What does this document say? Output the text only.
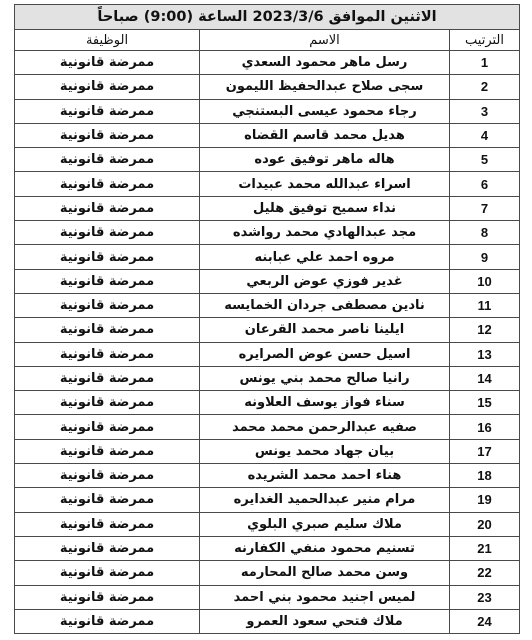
الاثنين الموافق 2023/3/6 الساعة (9:00) صباحاً		
الترتيب	الاسم	الوظيفة
1	رسل ماهر محمود السعدي	ممرضة قانونية
2	سجى صلاح عبدالحفيظ الليمون	ممرضة قانونية
3	رجاء محمود عيسى البستنجي	ممرضة قانونية
4	هديل محمد قاسم القضاه	ممرضة قانونية
5	هاله ماهر توفيق عوده	ممرضة قانونية
6	اسراء عبدالله محمد عبيدات	ممرضة قانونية
7	نداء سميح توفيق هليل	ممرضة قانونية
8	مجد عبدالهادي محمد رواشده	ممرضة قانونية
9	مروه احمد علي عبابنه	ممرضة قانونية
10	غدير فوزي عوض الربعي	ممرضة قانونية
11	نادين مصطفى جردان الخمايسه	ممرضة قانونية
12	ايلينا ناصر محمد القرعان	ممرضة قانونية
13	اسيل حسن عوض الصرايره	ممرضة قانونية
14	رانيا صالح محمد بني يونس	ممرضة قانونية
15	سناء فواز يوسف العلاونه	ممرضة قانونية
16	صفيه عبدالرحمن محمد محمد	ممرضة قانونية
17	بيان جهاد محمد يونس	ممرضة قانونية
18	هناء احمد محمد الشريده	ممرضة قانونية
19	مرام منير عبدالحميد الغدايره	ممرضة قانونية
20	ملاك سليم صبري البلوي	ممرضة قانونية
21	تسنيم محمود منفي الكفارنه	ممرضة قانونية
22	وسن محمد صالح المحارمه	ممرضة قانونية
23	لميس اجنيد محمود بني احمد	ممرضة قانونية
24	ملاك فتحي سعود العمرو	ممرضة قانونية
